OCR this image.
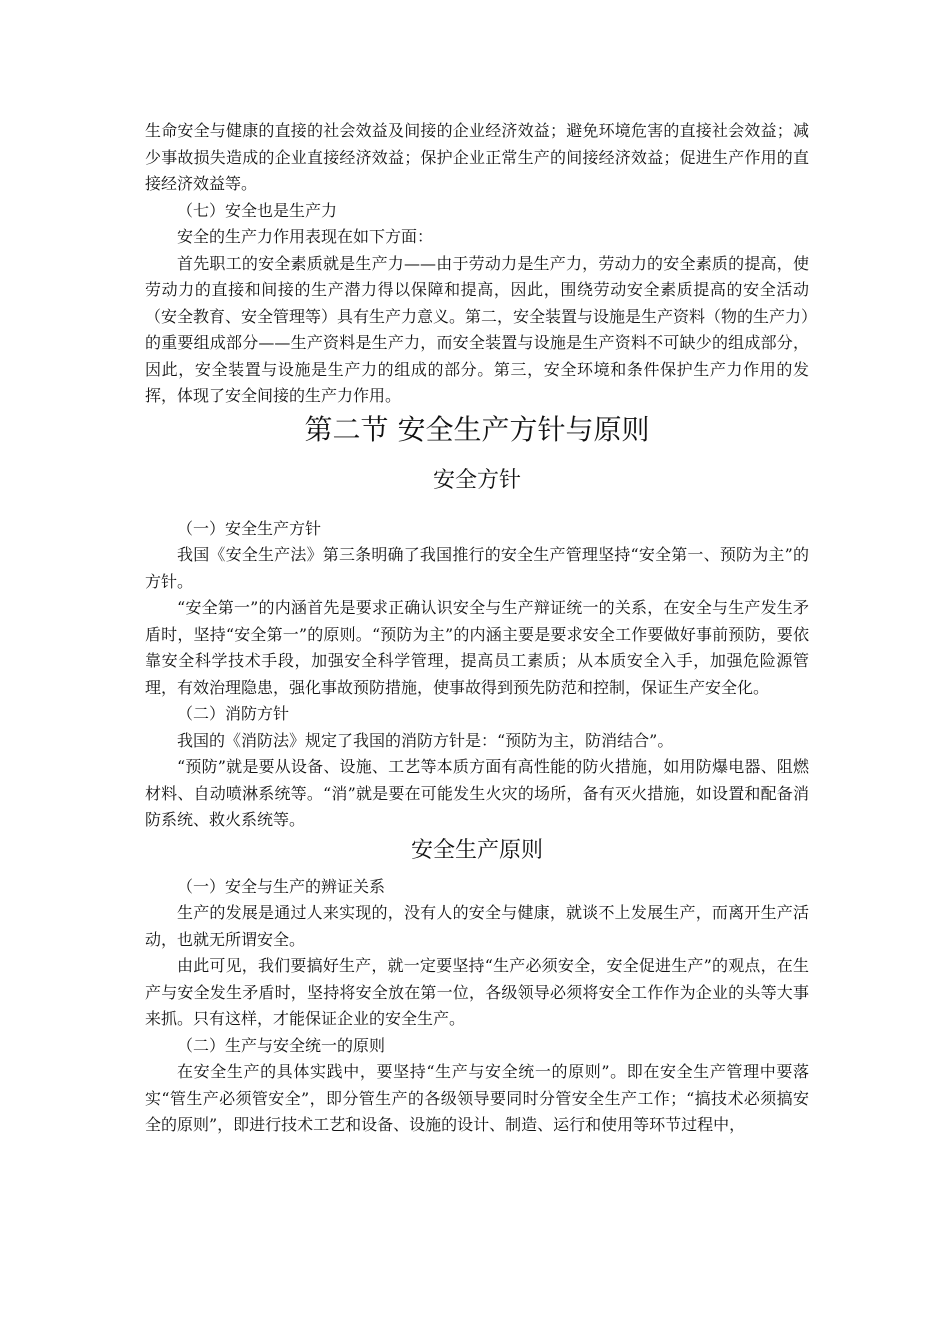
生命安全与健康的直接的社会效益及间接的企业经济效益；避免环境危害的直接社会效益；减少事故损失造成的企业直接经济效益；保护企业正常生产的间接经济效益；促进生产作用的直接经济效益等。

（七）安全也是生产力

安全的生产力作用表现在如下方面：

首先职工的安全素质就是生产力——由于劳动力是生产力，劳动力的安全素质的提高，使劳动力的直接和间接的生产潜力得以保障和提高，因此，围绕劳动安全素质提高的安全活动（安全教育、安全管理等）具有生产力意义。第二，安全装置与设施是生产资料（物的生产力）的重要组成部分——生产资料是生产力，而安全装置与设施是生产资料不可缺少的组成部分，因此，安全装置与设施是生产力的组成的部分。第三，安全环境和条件保护生产力作用的发挥，体现了安全间接的生产力作用。

第二节 安全生产方针与原则
安全方针

（一）安全生产方针

我国《安全生产法》第三条明确了我国推行的安全生产管理坚持“安全第一、预防为主”的方针。

“安全第一”的内涵首先是要求正确认识安全与生产辩证统一的关系，在安全与生产发生矛盾时，坚持“安全第一”的原则。“预防为主”的内涵主要是要求安全工作要做好事前预防，要依靠安全科学技术手段，加强安全科学管理，提高员工素质；从本质安全入手，加强危险源管理，有效治理隐患，强化事故预防措施，使事故得到预先防范和控制，保证生产安全化。

（二）消防方针

我国的《消防法》规定了我国的消防方针是：“预防为主，防消结合”。

“预防”就是要从设备、设施、工艺等本质方面有高性能的防火措施，如用防爆电器、阻燃材料、自动喷淋系统等。“消”就是要在可能发生火灾的场所，备有灭火措施，如设置和配备消防系统、救火系统等。

安全生产原则

（一）安全与生产的辨证关系

生产的发展是通过人来实现的，没有人的安全与健康，就谈不上发展生产，而离开生产活动，也就无所谓安全。

由此可见，我们要搞好生产，就一定要坚持“生产必须安全，安全促进生产”的观点，在生产与安全发生矛盾时，坚持将安全放在第一位，各级领导必须将安全工作作为企业的头等大事来抓。只有这样，才能保证企业的安全生产。

（二）生产与安全统一的原则

在安全生产的具体实践中，要坚持“生产与安全统一的原则”。即在安全生产管理中要落实“管生产必须管安全”，即分管生产的各级领导要同时分管安全生产工作；“搞技术必须搞安全的原则”，即进行技术工艺和设备、设施的设计、制造、运行和使用等环节过程中，
